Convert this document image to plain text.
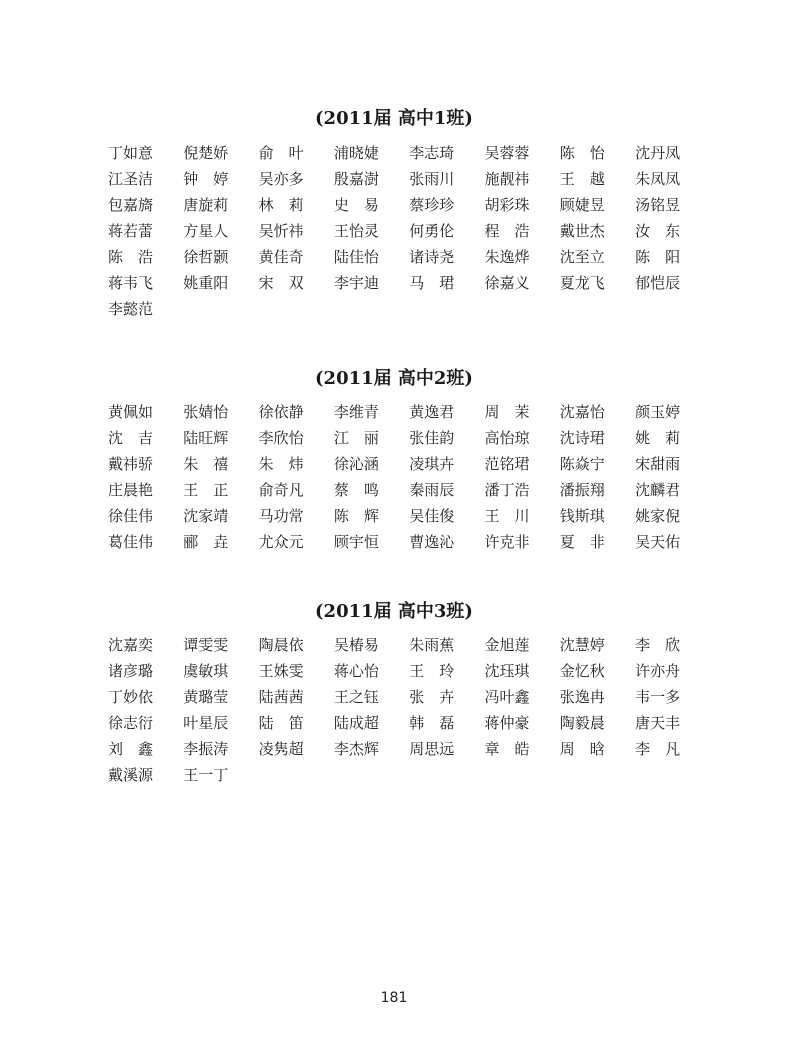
(2011届 高中1班)
丁如意	倪楚娇	俞　叶	浦晓婕	李志琦	吴蓉蓉	陈　怡	沈丹凤
江圣洁	钟　婷	吴亦多	殷嘉澍	张雨川	施靓祎	王　越	朱凤凤
包嘉旖	唐旋莉	林　莉	史　易	蔡珍珍	胡彩珠	顾婕昱	汤铭昱
蒋若蕾	方星人	吴忻祎	王怡灵	何勇伦	程　浩	戴世杰	汝　东
陈　浩	徐哲颢	黄佳奇	陆佳怡	诸诗尧	朱逸烨	沈至立	陈　阳
蒋韦飞	姚重阳	宋　双	李宇迪	马　珺	徐嘉义	夏龙飞	郁恺辰
李懿范
(2011届 高中2班)
黄佩如	张婧怡	徐依静	李维青	黄逸君	周　茉	沈嘉怡	颜玉婷
沈　吉	陆旺辉	李欣怡	江　丽	张佳韵	高怡琼	沈诗珺	姚　莉
戴祎骄	朱　禧	朱　炜	徐沁涵	凌琪卉	范铭珺	陈焱宁	宋甜雨
庄晨艳	王　正	俞奇凡	蔡　鸣	秦雨辰	潘丁浩	潘振翔	沈麟君
徐佳伟	沈家靖	马功常	陈　辉	吴佳俊	王　川	钱斯琪	姚家倪
葛佳伟	郦　垚	尤众元	顾宇恒	曹逸沁	许克非	夏　非	吴天佑
(2011届 高中3班)
沈嘉奕	谭雯雯	陶晨依	吴椿易	朱雨蕉	金旭莲	沈慧婷	李　欣
诸彦璐	虞敏琪	王姝雯	蒋心怡	王　玲	沈珏琪	金忆秋	许亦舟
丁妙依	黄璐莹	陆茜茜	王之钰	张　卉	冯叶鑫	张逸冉	韦一多
徐志衍	叶星辰	陆　笛	陆成超	韩　磊	蒋仲豪	陶毅晨	唐天丰
刘　鑫	李振涛	凌隽超	李杰辉	周思远	章　皓	周　晗	李　凡
戴溪源	王一丁
181
